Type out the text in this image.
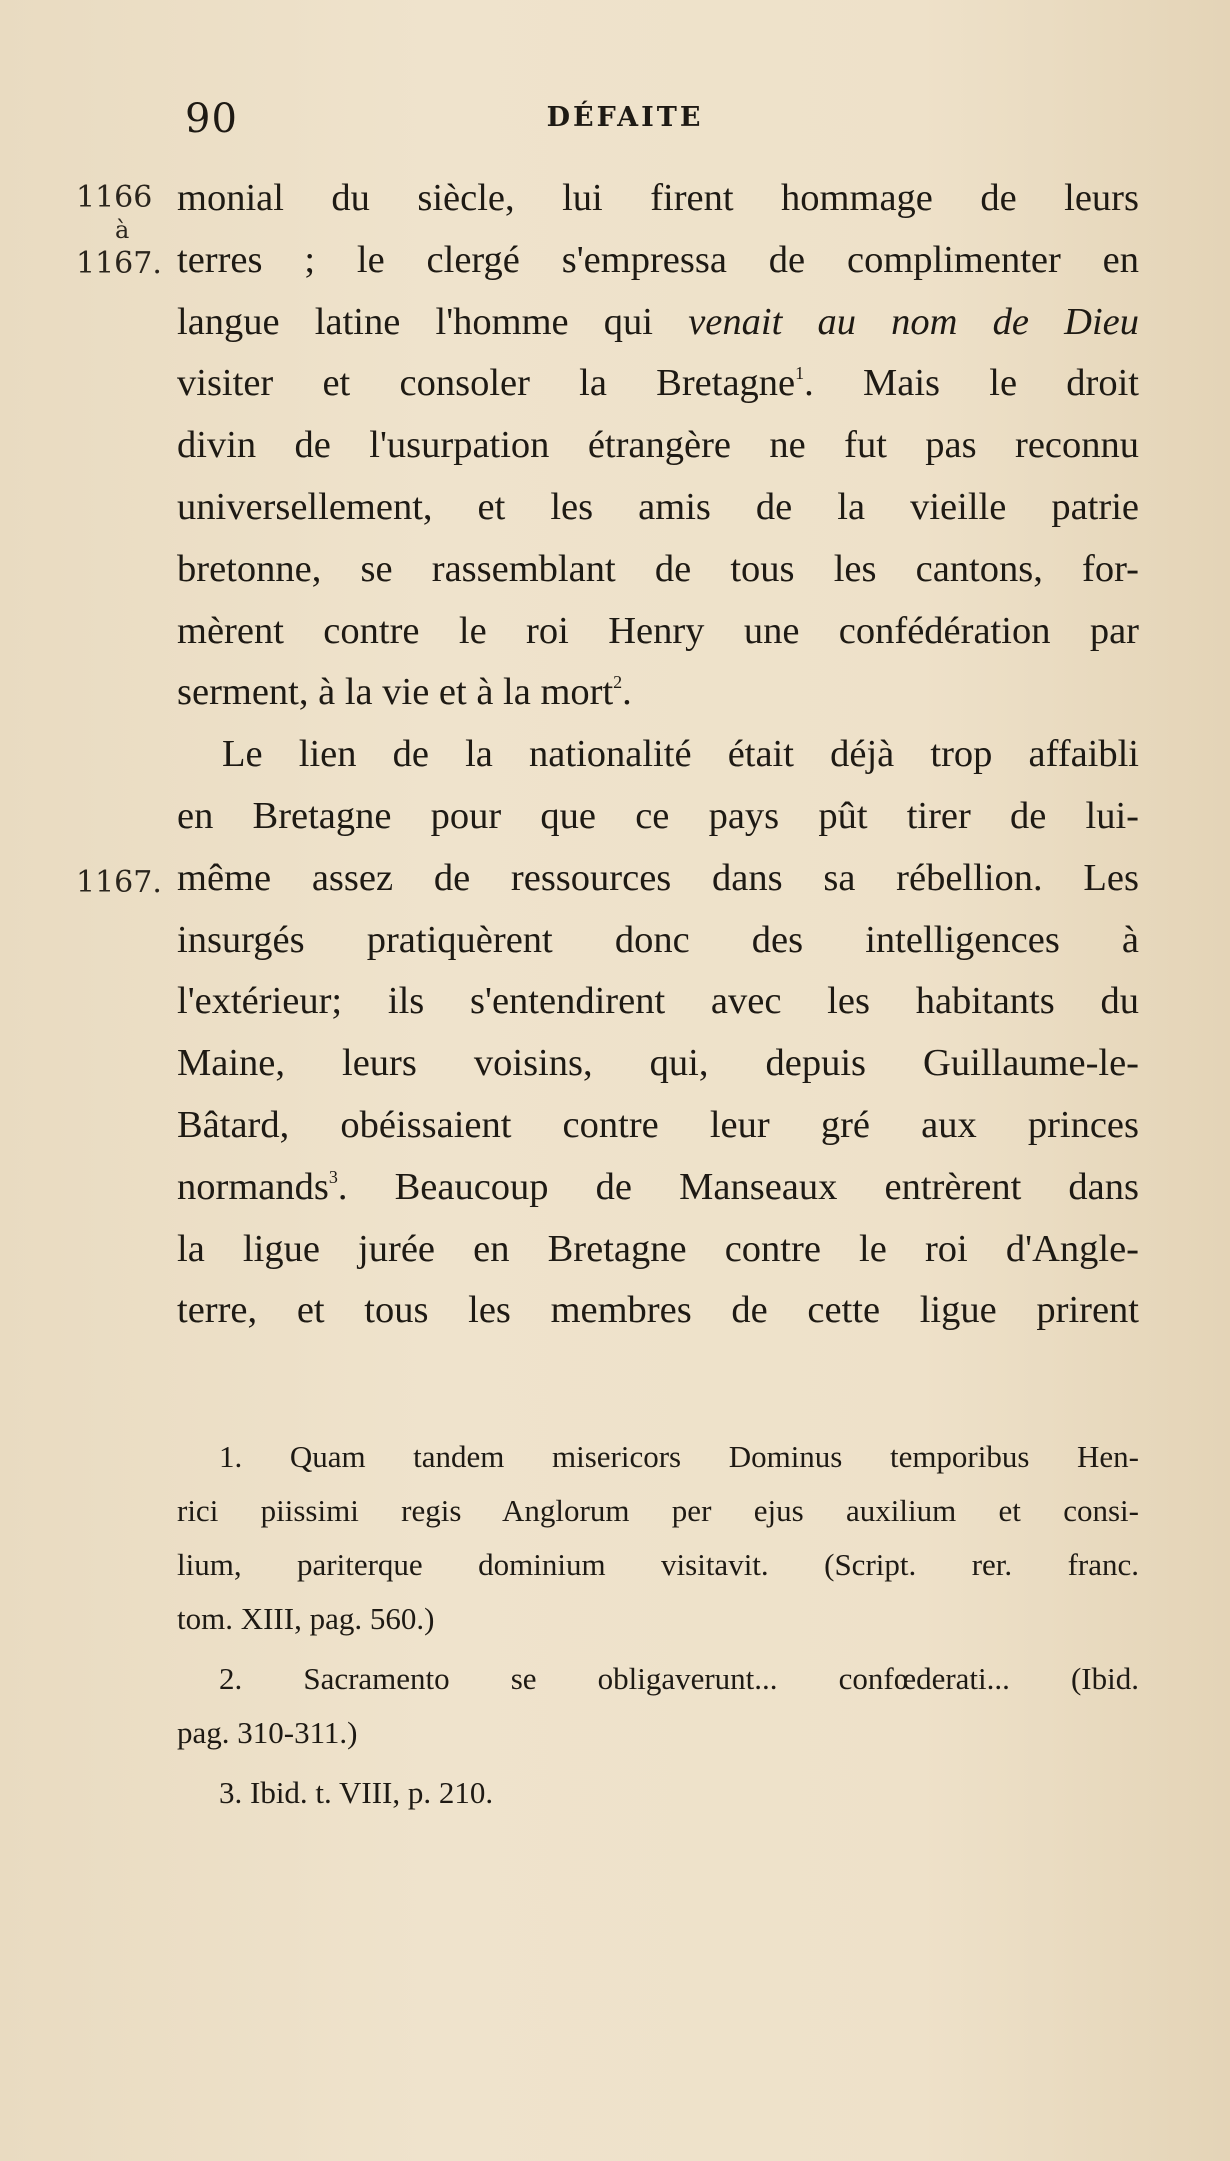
90	DÉFAITE
1166
à
1167.
1167.
monial du siècle, lui firent hommage de leurs
terres ; le clergé s'empressa de complimenter en
langue latine l'homme qui venait au nom de Dieu
visiter et consoler la Bretagne$^1$. Mais le droit
divin de l'usurpation étrangère ne fut pas reconnu
universellement, et les amis de la vieille patrie
bretonne, se rassemblant de tous les cantons, for-
mèrent contre le roi Henry une confédération par
serment, à la vie et à la mort$^2$.
Le lien de la nationalité était déjà trop affaibli
en Bretagne pour que ce pays pût tirer de lui-
même assez de ressources dans sa rébellion. Les
insurgés pratiquèrent donc des intelligences à
l'extérieur; ils s'entendirent avec les habitants du
Maine, leurs voisins, qui, depuis Guillaume-le-
Bâtard, obéissaient contre leur gré aux princes
normands$^3$. Beaucoup de Manseaux entrèrent dans
la ligue jurée en Bretagne contre le roi d'Angle-
terre, et tous les membres de cette ligue prirent
1. Quam tandem misericors Dominus temporibus Hen-
rici piissimi regis Anglorum per ejus auxilium et consi-
lium, pariterque dominium visitavit. (Script. rer. franc.
tom. XIII, pag. 560.)
2. Sacramento se obligaverunt... confœderati... (Ibid.
pag. 310-311.)
3. Ibid. t. VIII, p. 210.
